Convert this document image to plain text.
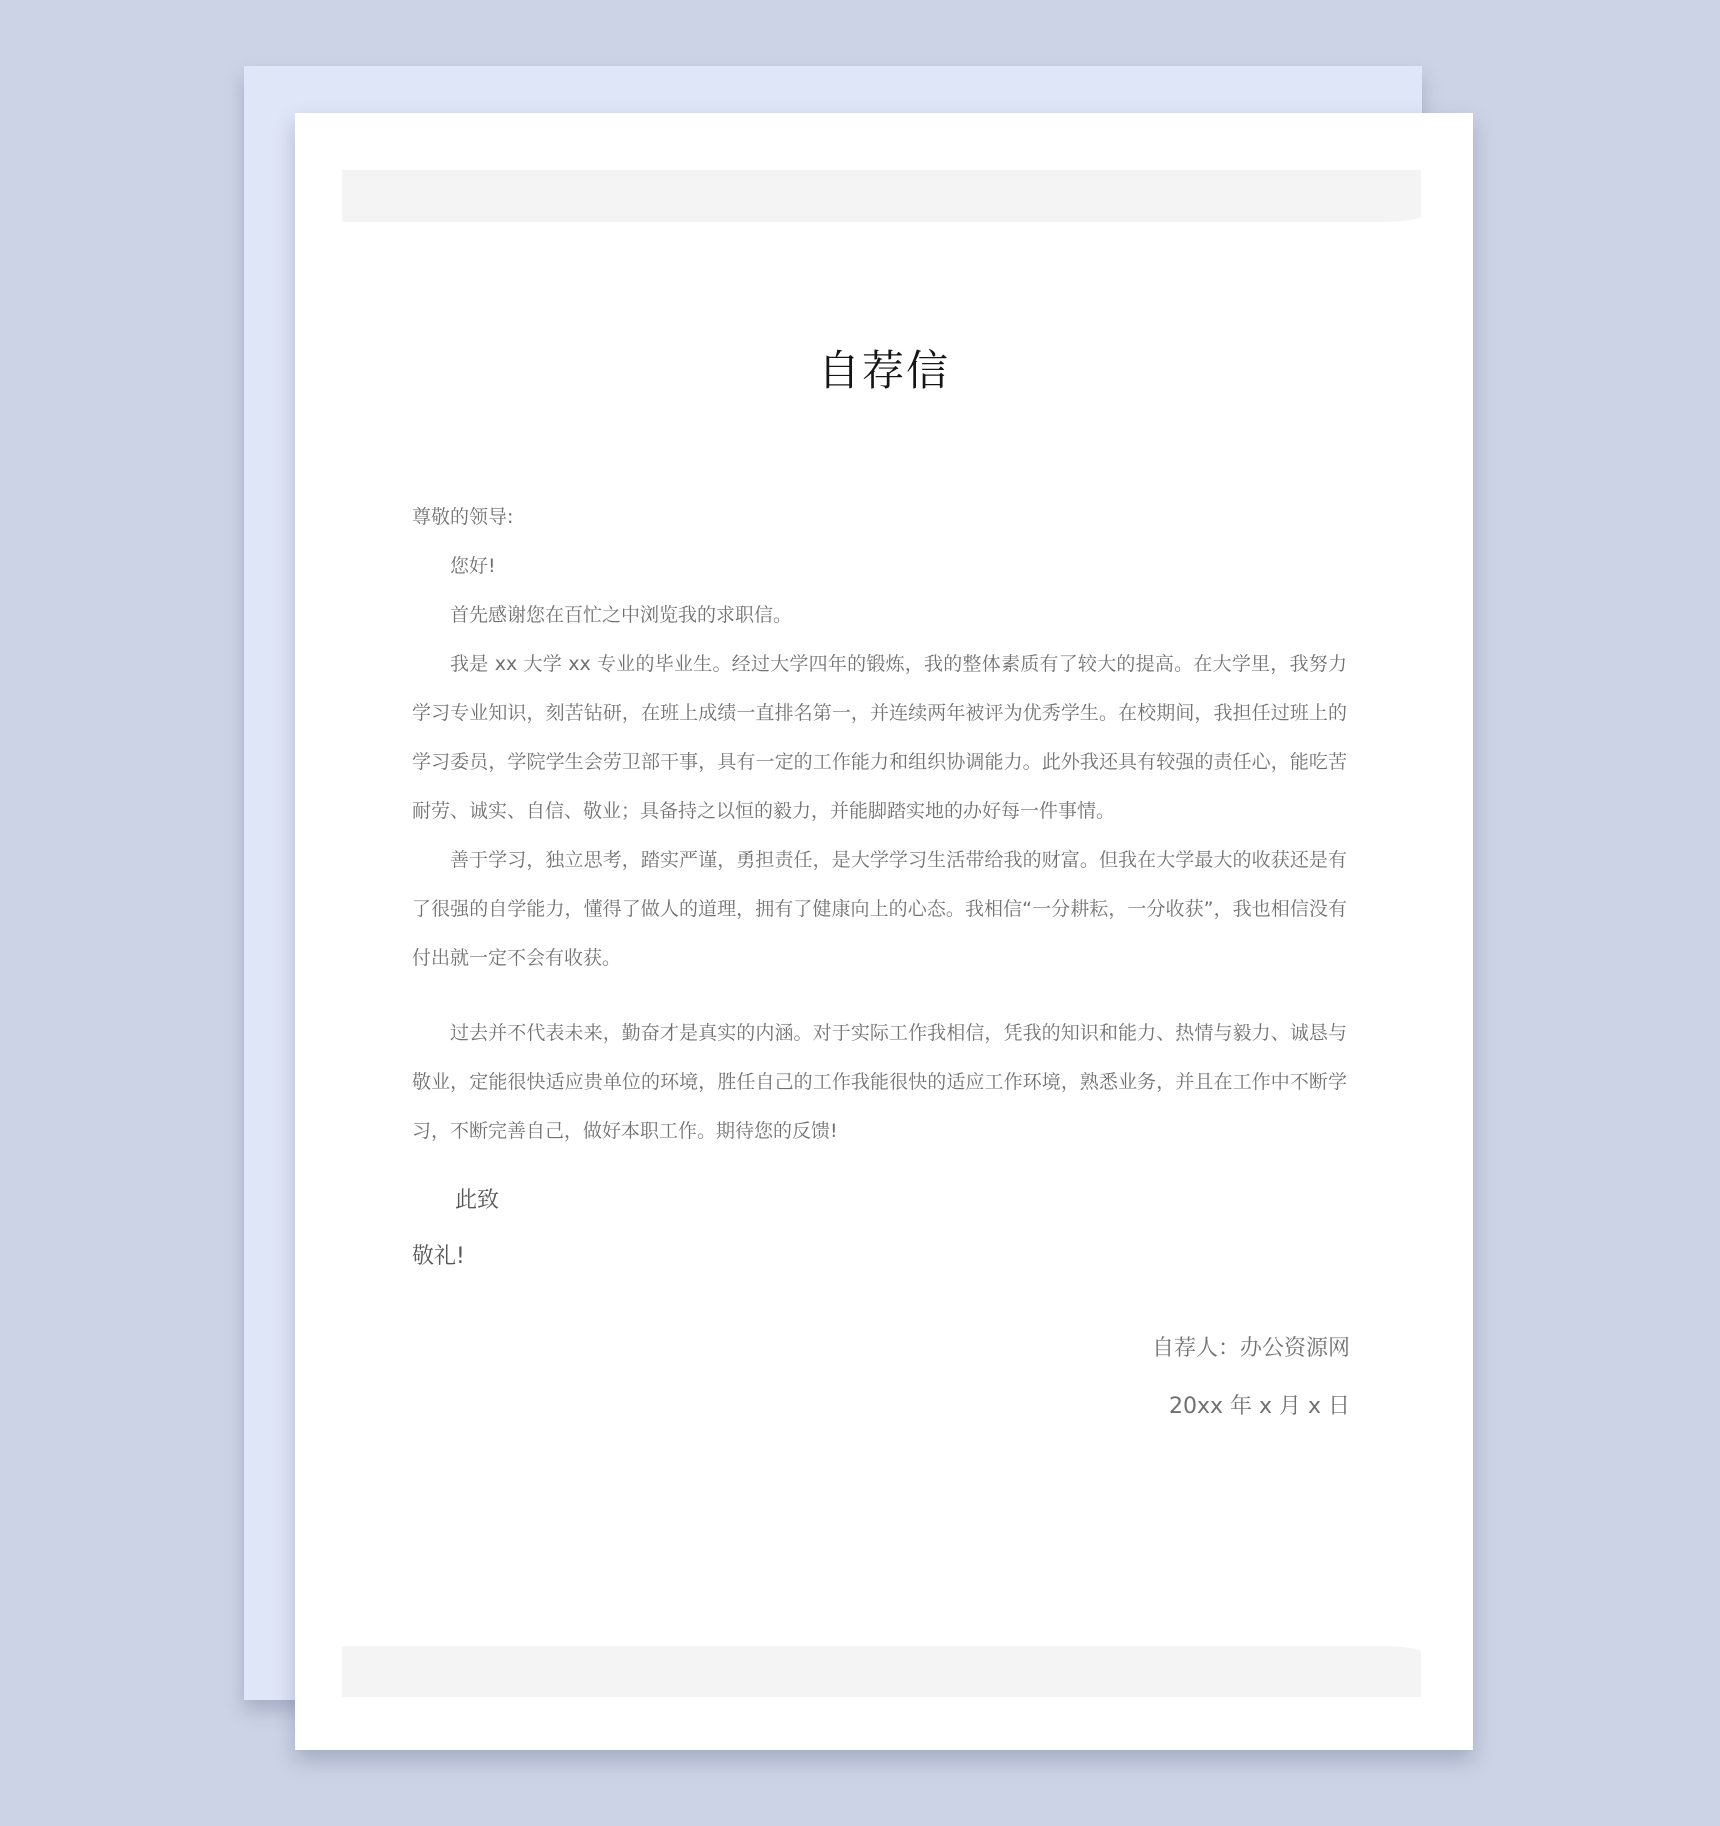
自荐信

尊敬的领导:

您好!

首先感谢您在百忙之中浏览我的求职信。

我是 xx 大学 xx 专业的毕业生。经过大学四年的锻炼，我的整体素质有了较大的提高。在大学里，我努力学习专业知识，刻苦钻研，在班上成绩一直排名第一，并连续两年被评为优秀学生。在校期间，我担任过班上的学习委员，学院学生会劳卫部干事，具有一定的工作能力和组织协调能力。此外我还具有较强的责任心，能吃苦耐劳、诚实、自信、敬业；具备持之以恒的毅力，并能脚踏实地的办好每一件事情。

善于学习，独立思考，踏实严谨，勇担责任，是大学学习生活带给我的财富。但我在大学最大的收获还是有了很强的自学能力，懂得了做人的道理，拥有了健康向上的心态。我相信“一分耕耘，一分收获”，我也相信没有付出就一定不会有收获。

过去并不代表未来，勤奋才是真实的内涵。对于实际工作我相信，凭我的知识和能力、热情与毅力、诚恳与敬业，定能很快适应贵单位的环境，胜任自己的工作我能很快的适应工作环境，熟悉业务，并且在工作中不断学习，不断完善自己，做好本职工作。期待您的反馈!

此致
敬礼!
自荐人：办公资源网
20xx 年 x 月 x 日
